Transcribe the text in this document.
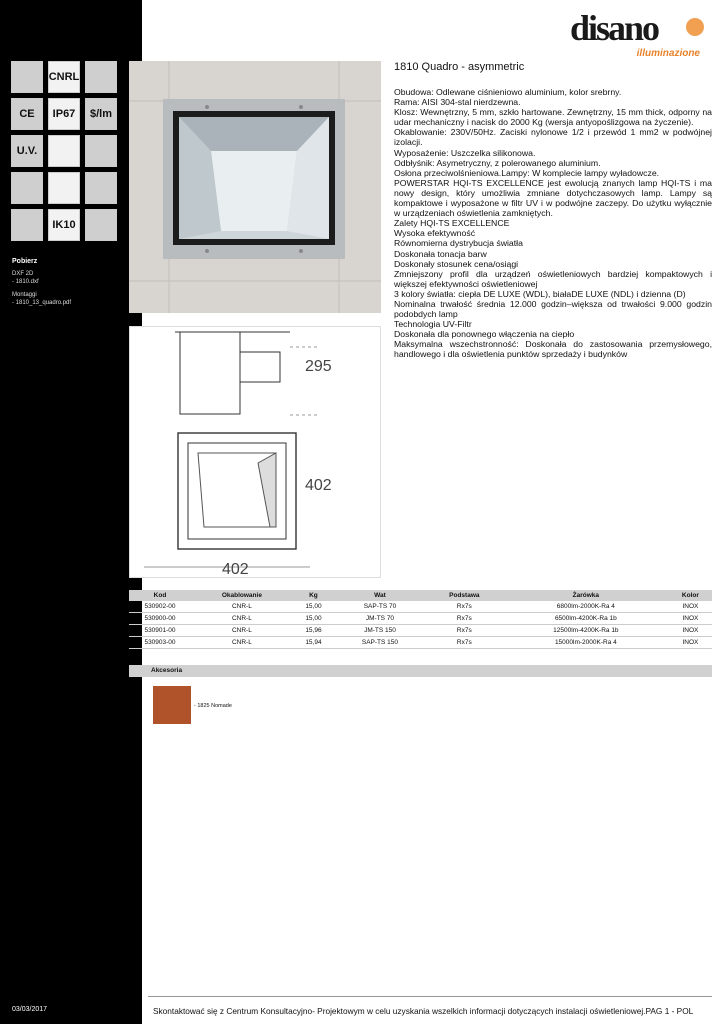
CNRL
CE IP67 $/lm
U.V.
IK10
Pobierz
DXF 2D
- 1810.dxf
Montaggi
- 1810_13_quadro.pdf
03/03/2017
disano
illuminazione
295
402
402
1810 Quadro - asymmetric

Obudowa: Odlewane ciśnieniowo aluminium, kolor srebrny.

Rama: AISI 304-stal nierdzewna.

Klosz: Wewnętrzny, 5 mm, szkło hartowane. Zewnętrzny, 15 mm thick, odporny na udar mechaniczny i nacisk do 2000 Kg (wersja antyopoślizgowa na życzenie).

Okablowanie: 230V/50Hz. Zaciski nylonowe 1/2 i przewód 1 mm2 w podwójnej izolacji.

Wyposażenie: Uszczelka silikonowa.

Odbłyśnik: Asymetryczny, z polerowanego aluminium.

Osłona przeciwolśnieniowa.Lampy: W komplecie lampy wyładowcze.

POWERSTAR HQI-TS EXCELLENCE jest ewolucją znanych lamp HQI-TS i ma nowy design, który umożliwia zmniane dotychczasowych lamp. Lampy są kompaktowe i wyposażone w filtr UV i w podwójne zaczepy. Do użytku wyłącznie w urządzeniach oświetlenia zamkniętych.

Zalety HQI-TS EXCELLENCE

Wysoka efektywność

Równomierna dystrybucja światła

Doskonała tonacja barw

Doskonały stosunek cena/osiągi

Zmniejszony profil dla urządzeń oświetleniowych bardziej kompaktowych i większej efektywności oświetleniowej

3 kolory światła: ciepła DE LUXE (WDL), białaDE LUXE (NDL) i dzienna (D)

Nominalna trwałość średnia 12.000 godzin–większa od trwałości 9.000 godzin podobdych lamp

Technologia UV-Filtr

Doskonała dla ponownego włączenia na ciepło

Maksymalna wszechstronność: Doskonała do zastosowania przemysłowego, handlowego i dla oświetlenia punktów sprzedaży i budynków

Kod	Okablowanie	Kg	Wat	Podstawa	Żarówka	Kolor
530902-00	CNR-L	15,00	SAP-TS 70	Rx7s	6800lm-2000K-Ra 4	INOX
530900-00	CNR-L	15,00	JM-TS 70	Rx7s	6500lm-4200K-Ra 1b	INOX
530901-00	CNR-L	15,96	JM-TS 150	Rx7s	12500lm-4200K-Ra 1b	INOX
530903-00	CNR-L	15,94	SAP-TS 150	Rx7s	15000lm-2000K-Ra 4	INOX
Akcesoria
- 1825 Nomade
Skontaktować się z Centrum Konsultacyjno- Projektowym w celu uzyskania wszelkich informacji dotyczących instalacji oświetleniowej.PAG 1 - POL
